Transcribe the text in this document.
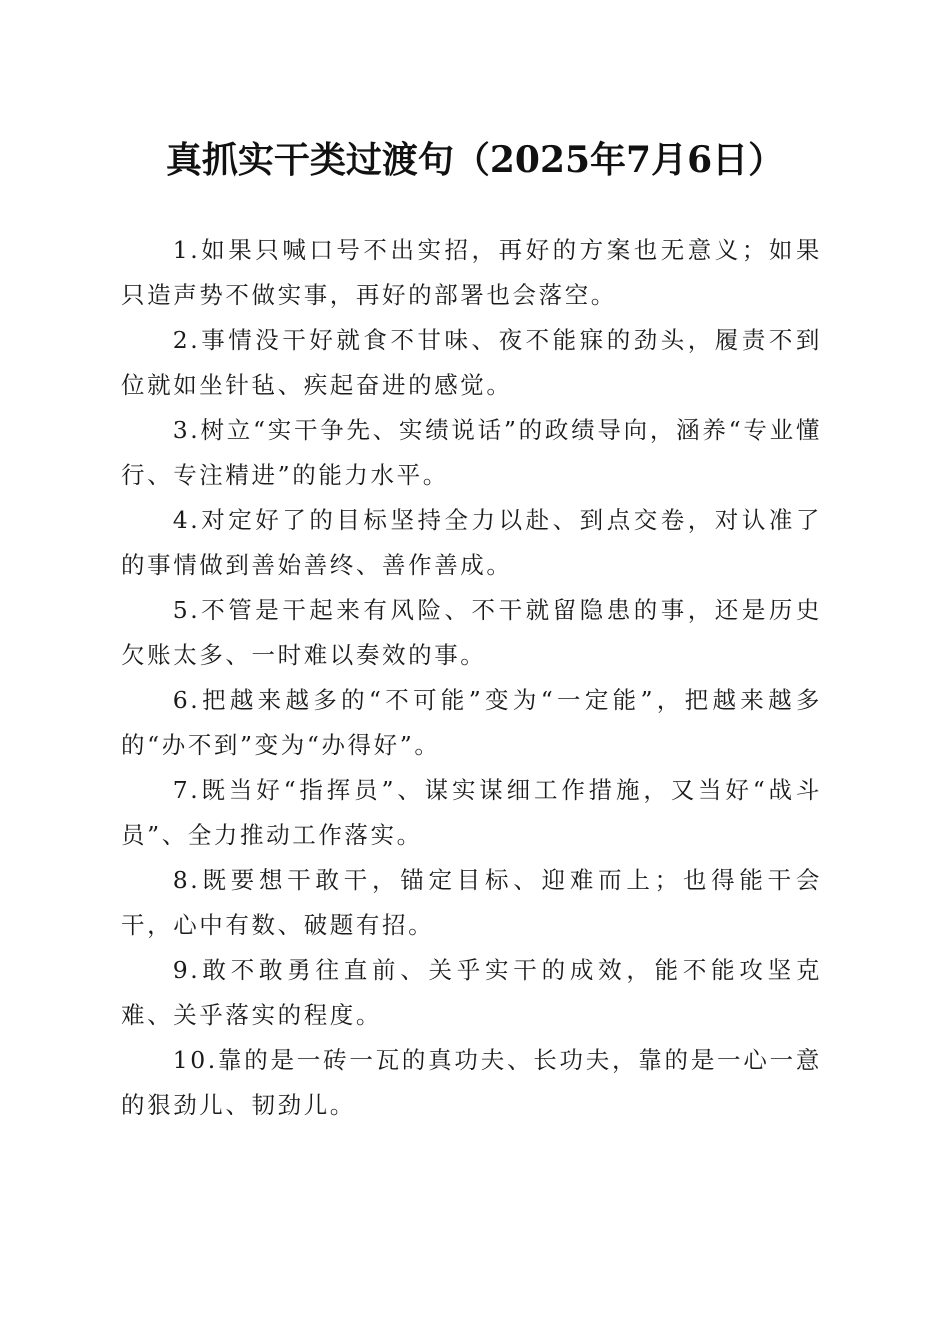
真抓实干类过渡句（2025年7月6日）

1.如果只喊口号不出实招，再好的方案也无意义；如果只造声势不做实事，再好的部署也会落空。

2.事情没干好就食不甘味、夜不能寐的劲头，履责不到位就如坐针毡、疾起奋进的感觉。

3.树立“实干争先、实绩说话”的政绩导向，涵养“专业懂行、专注精进”的能力水平。

4.对定好了的目标坚持全力以赴、到点交卷，对认准了的事情做到善始善终、善作善成。

5.不管是干起来有风险、不干就留隐患的事，还是历史欠账太多、一时难以奏效的事。

6.把越来越多的“不可能”变为“一定能”，把越来越多的“办不到”变为“办得好”。

7.既当好“指挥员”、谋实谋细工作措施，又当好“战斗员”、全力推动工作落实。

8.既要想干敢干，锚定目标、迎难而上；也得能干会干，心中有数、破题有招。

9.敢不敢勇往直前、关乎实干的成效，能不能攻坚克难、关乎落实的程度。

10.靠的是一砖一瓦的真功夫、长功夫，靠的是一心一意的狠劲儿、韧劲儿。
